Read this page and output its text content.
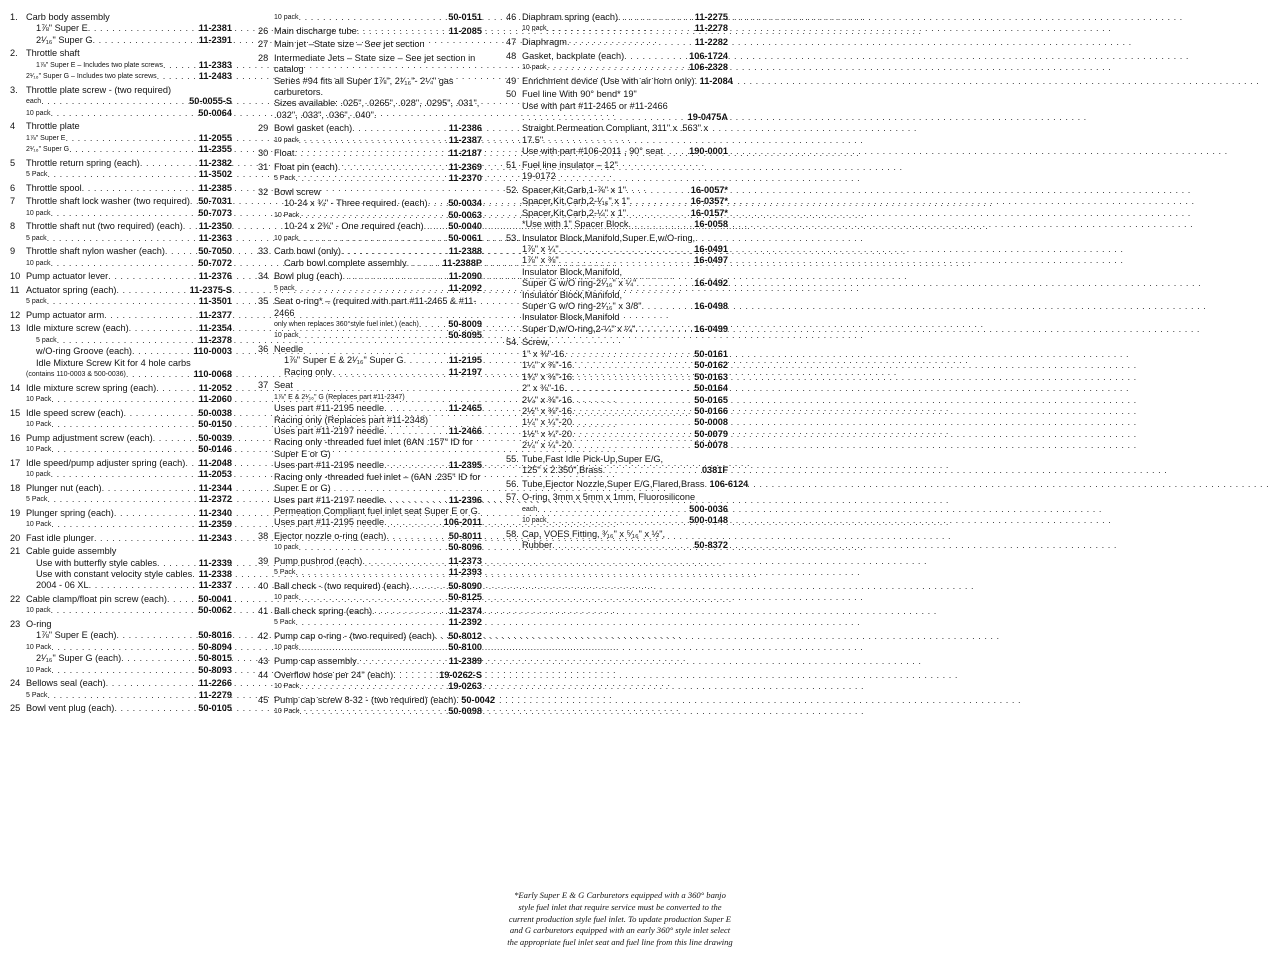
1. Carb body assembly
1⅞" Super E . . .	11-2381
2¹⁄₁₆" Super G . . .	11-2391
2. Throttle shaft
1⅞" Super E – Includes two plate screws . . .	11-2383
2¹⁄₁₆" Super G – Includes two plate screws . . .	11-2483
3. Throttle plate screw - (two required)
each . . .	50-0055-S
10 pack . . .	50-0064
4	Throttle plate
1⅞" Super E . . .	11-2055
2¹⁄₁₆" Super G . . .	11-2355
5	Throttle return spring (each) . . .	11-2382
5 Pack . . .	11-3502
6	Throttle spool . . .	11-2385
7	Throttle shaft lock washer (two required) . . . 50-7031
10 pack . . .	50-7073
8	Throttle shaft nut (two required) (each) . . . 11-2350
5 pack . . .	11-2363
9	Throttle shaft nylon washer (each) . . .	50-7050
10 pack . . .	50-7072
10 Pump actuator lever . . .	11-2376
11 Actuator spring (each) . . .	11-2375-S
5 pack . . .	11-3501
12 Pump actuator arm . . .	11-2377
13 Idle mixture screw (each) . . .	11-2354
5 pack . . .	11-2378
w/O-ring Groove (each) . . .	110-0003
Idle Mixture Screw Kit for 4 hole carbs
(contains 110-0003 & 500-0036) . . .	110-0068
14 Idle mixture screw spring (each) . . .	11-2052
10 Pack . . .	11-2060
15 Idle speed screw (each) . . .	50-0038
10 Pack . . .	50-0150
16 Pump adjustment screw (each) . . .	50-0039
10 Pack . . .	50-0146
17 Idle speed/pump adjuster spring (each) . . . 11-2048
10 pack . . .	11-2053
18 Plunger nut (each) . . .	11-2344
5 Pack . . .	11-2372
19 Plunger spring (each) . . .	11-2340
10 Pack . . .	11-2359
20 Fast idle plunger . . .	11-2343
21 Cable guide assembly
Use with butterfly style cables . . .	11-2339
Use with constant velocity style cables . . . 11-2338
2004 - 06 XL . . .	11-2337
22 Cable clamp/float pin screw (each) . . .	50-0041
10 pack . . .	50-0062
23 O-ring
1⅞" Super E (each) . . .	50-8016
10 Pack . . .	50-8094
2¹⁄₁₆" Super G (each) . . .	50-8015
10 Pack . . .	50-8093
24 Bellows seal (each) . . .	11-2266
5 Pack . . .	11-2279
25 Bowl vent plug (each) . . .	50-0105
10 pack . . .	50-0151
26 Main discharge tube . . .	11-2085
27 Main jet –State size – See jet section
28 Intermediate Jets – State size – See jet section in catalog
Series #94 fits all Super 1⅞", 2¹⁄₁₆"- 2¼" gas carburetors.
Sizes available: .025", .0265", .028", .0295", .031", .032", .033", .036", .040".
29 Bowl gasket (each) . . .	11-2386
10 pack . . .	11-2387
30 Float . . .	11-2187
31 Float pin (each) . . .	11-2369
5 Pack . . .	11-2370
32 Bowl screw
10-24 x ¾" - Three required. (each) . . . 50-0034
10 Pack . . .	50-0063
10-24 x 2⅜" - One required (each) . . .	50-0040
10 pack . . .	50-0061
33 Carb bowl (only) . . .	11-2388
Carb bowl complete assembly . . .	11-2388P
34 Bowl plug (each) . . .	11-2090
5 pack . . .	11-2092
35 Seat o-ring* – (required with part #11-2465 & #11-2466
only when replaces 360°style fuel inlet.) (each) . . .	50-8009
10 pack . . .	50-8095
36 Needle
1⅞" Super E & 2¹⁄₁₆" Super G . . .	11-2195
Racing only . . .	11-2197
37 Seat
1⅞" E & 2¹⁄₁₆" G (Replaces part #11-2347)
Uses part #11-2195 needle . . .	11-2465
Racing only (Replaces part #11-2348)
Uses part #11-2197 needle . . .	11-2466
Racing only -threaded fuel inlet (6AN .157" ID for Super E or G)
Uses part #11-2195 needle . . .	11-2395
Racing only -threaded fuel inlet – (6AN .235" ID for Super E or G)
Uses part #11-2197 needle . . .	11-2396
Permeation Compliant fuel inlet seat Super E or G.
Uses part #11-2195 needle . . .	106-2011
38 Ejector nozzle o-ring (each) . . .	50-8011
10 pack . . .	50-8096
39 Pump pushrod (each) . . .	11-2373
5 Pack . . .	11-2393
40 Ball check - (two required) (each) . . .	50-8090
10 pack . . .	50-8125
41 Ball check spring (each) . . .	11-2374
5 Pack . . .	11-2392
42 Pump cap o-ring - (two required) (each) . . . 50-8012
10 pack . . .	50-8100
43 Pump cap assembly . . .	11-2389
44 Overflow hose per 24" (each) . . .	19-0262-S
10 Pack . . .	19-0263
45 Pump cap screw 8-32 - (two required) (each) . . . 50-0042
10 Pack . . .	50-0098
46 Diaphram spring (each) . . .	11-2275
10 pack . . .	11-2278
47 Diaphragm . . .	11-2282
48 Gasket, backplate (each) . . .	106-1724
10 pack . . .	106-2328
49 Enrichment device (Use with air horn only) . . . 11-2084
50 Fuel line With 90° bend* 19"
Use with part #11-2465 or #11-2466
. . .
19-0475A
Straight Permeation Compliant, 311" x .563" x 17.5"
Use with part #106-2011 , 90° seat . . .	190-0001
51 Fuel line insulator – 12"
19-0172
52. Spacer,Kit,Carb,1-⅞" x 1" . . .	16-0057*
Spacer,Kit,Carb,2-¹⁄₁₆" x 1" . . .	16-0357*
Spacer,Kit,Carb,2-¼" x 1" . . .	16-0157*
*Use with 1" Spacer Block . . .	16-0058
53. Insulator Block,Manifold,Super E,w/O-ring,
1⅞" x ¼" . . .	16-0491
1⅞" x ⅜" . . .	16-0497
Insulator Block,Manifold,
Super G w/O ring-2¹⁄₁₆" x ¼" . . .	16-0492
Insulator Block,Manifold,
Super G w/O ring-2¹⁄₁₆" x 3/8" . . .	16-0498
Insulator Block,Manifold
Super D,w/O-ring,2-¼" x ¼" . . .	16-0499
54. Screw,
1" x ⅜"-16 . . .	50-0161
1¼" x ⅜"-16 . . .	50-0162
1¾" x ⅜"-16 . . .	50-0163
2" x ⅜"-16 . . .	50-0164
2¼" x ⅜"-16 . . .	50-0165
2½" x ⅜"-16 . . .	50-0166
1¼" x ¼"-20 . . .	50-0008
1½" x ¼"-20 . . .	50-0079
2¼" x ¼"-20 . . .	50-0078
55. Tube,Fast Idle Pick-Up,Super E/G,
125" x 2.350",Brass . . .	0381F
56. Tube,Ejector Nozzle,Super E/G,Flared,Brass . . . 106-6124
57. O-ring, 3mm x 5mm x 1mm, Fluorosilicone
each . . .	500-0036
10 pack . . .	500-0148
58. Cap, VOES Fitting, ³⁄₁₆" x ⁵⁄₁₆" x ½",
Rubber . . .	50-8372
*Early Super E & G Carburetors equipped with a 360° banjo style fuel inlet that require service must be converted to the current production style fuel inlet. To update production Super E and G carburetors equipped with an early 360° style inlet select the appropriate fuel inlet seat and fuel line from this line drawing
